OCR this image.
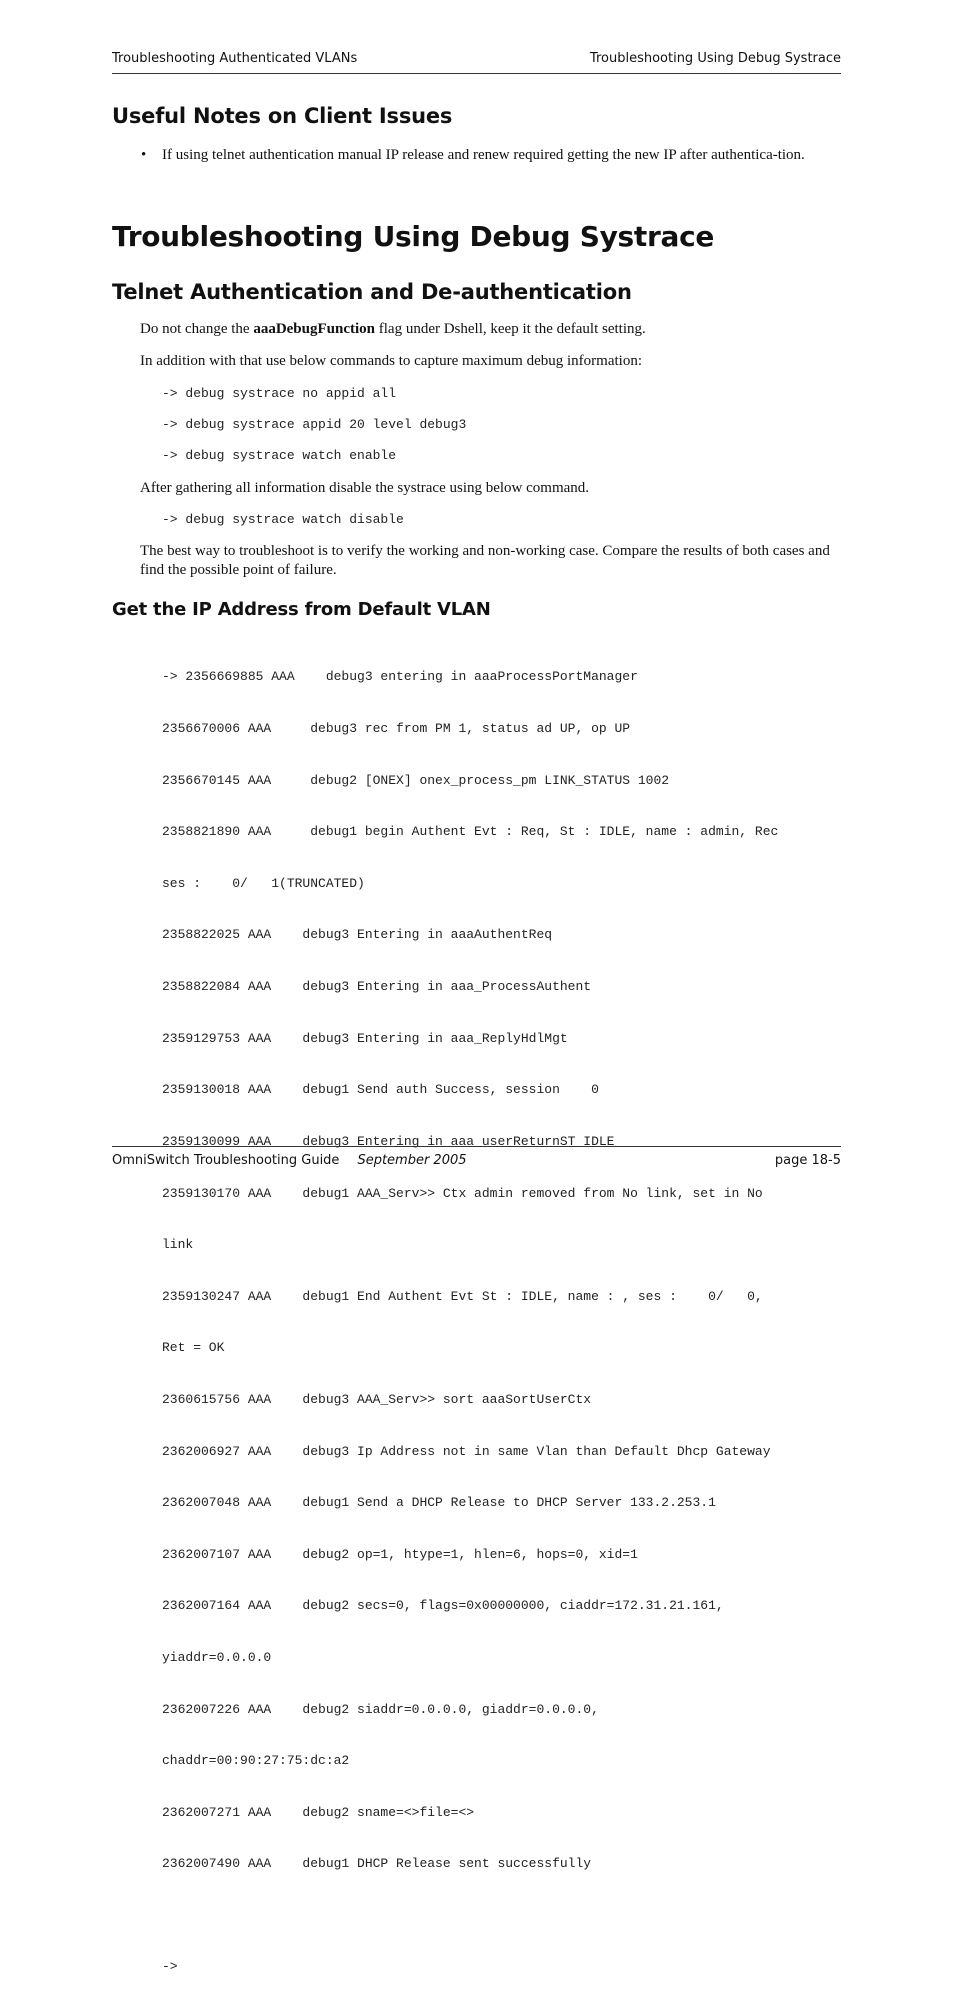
Troubleshooting Authenticated VLANs	Troubleshooting Using Debug Systrace
Useful Notes on Client Issues
• If using telnet authentication manual IP release and renew required getting the new IP after authentica-tion.
Troubleshooting Using Debug Systrace
Telnet Authentication and De-authentication
Do not change the aaaDebugFunction flag under Dshell, keep it the default setting.
In addition with that use below commands to capture maximum debug information:
-> debug systrace no appid all
-> debug systrace appid 20 level debug3
-> debug systrace watch enable
After gathering all information disable the systrace using below command.
-> debug systrace watch disable
The best way to troubleshoot is to verify the working and non-working case. Compare the results of both cases and find the possible point of failure.
Get the IP Address from Default VLAN

-> 2356669885 AAA    debug3 entering in aaaProcessPortManager

2356670006 AAA     debug3 rec from PM 1, status ad UP, op UP

2356670145 AAA     debug2 [ONEX] onex_process_pm LINK_STATUS 1002

2358821890 AAA     debug1 begin Authent Evt : Req, St : IDLE, name : admin, Rec

ses :    0/   1(TRUNCATED)

2358822025 AAA    debug3 Entering in aaaAuthentReq

2358822084 AAA    debug3 Entering in aaa_ProcessAuthent

2359129753 AAA    debug3 Entering in aaa_ReplyHdlMgt

2359130018 AAA    debug1 Send auth Success, session    0

2359130099 AAA    debug3 Entering in aaa_userReturnST_IDLE

2359130170 AAA    debug1 AAA_Serv>> Ctx admin removed from No link, set in No

link

2359130247 AAA    debug1 End Authent Evt St : IDLE, name : , ses :    0/   0,

Ret = OK

2360615756 AAA    debug3 AAA_Serv>> sort aaaSortUserCtx

2362006927 AAA    debug3 Ip Address not in same Vlan than Default Dhcp Gateway

2362007048 AAA    debug1 Send a DHCP Release to DHCP Server 133.2.253.1

2362007107 AAA    debug2 op=1, htype=1, hlen=6, hops=0, xid=1

2362007164 AAA    debug2 secs=0, flags=0x00000000, ciaddr=172.31.21.161,

yiaddr=0.0.0.0

2362007226 AAA    debug2 siaddr=0.0.0.0, giaddr=0.0.0.0,

chaddr=00:90:27:75:dc:a2

2362007271 AAA    debug2 sname=<>file=<>

2362007490 AAA    debug1 DHCP Release sent successfully

->

OmniSwitch Troubleshooting Guide September 2005	page 18-5
